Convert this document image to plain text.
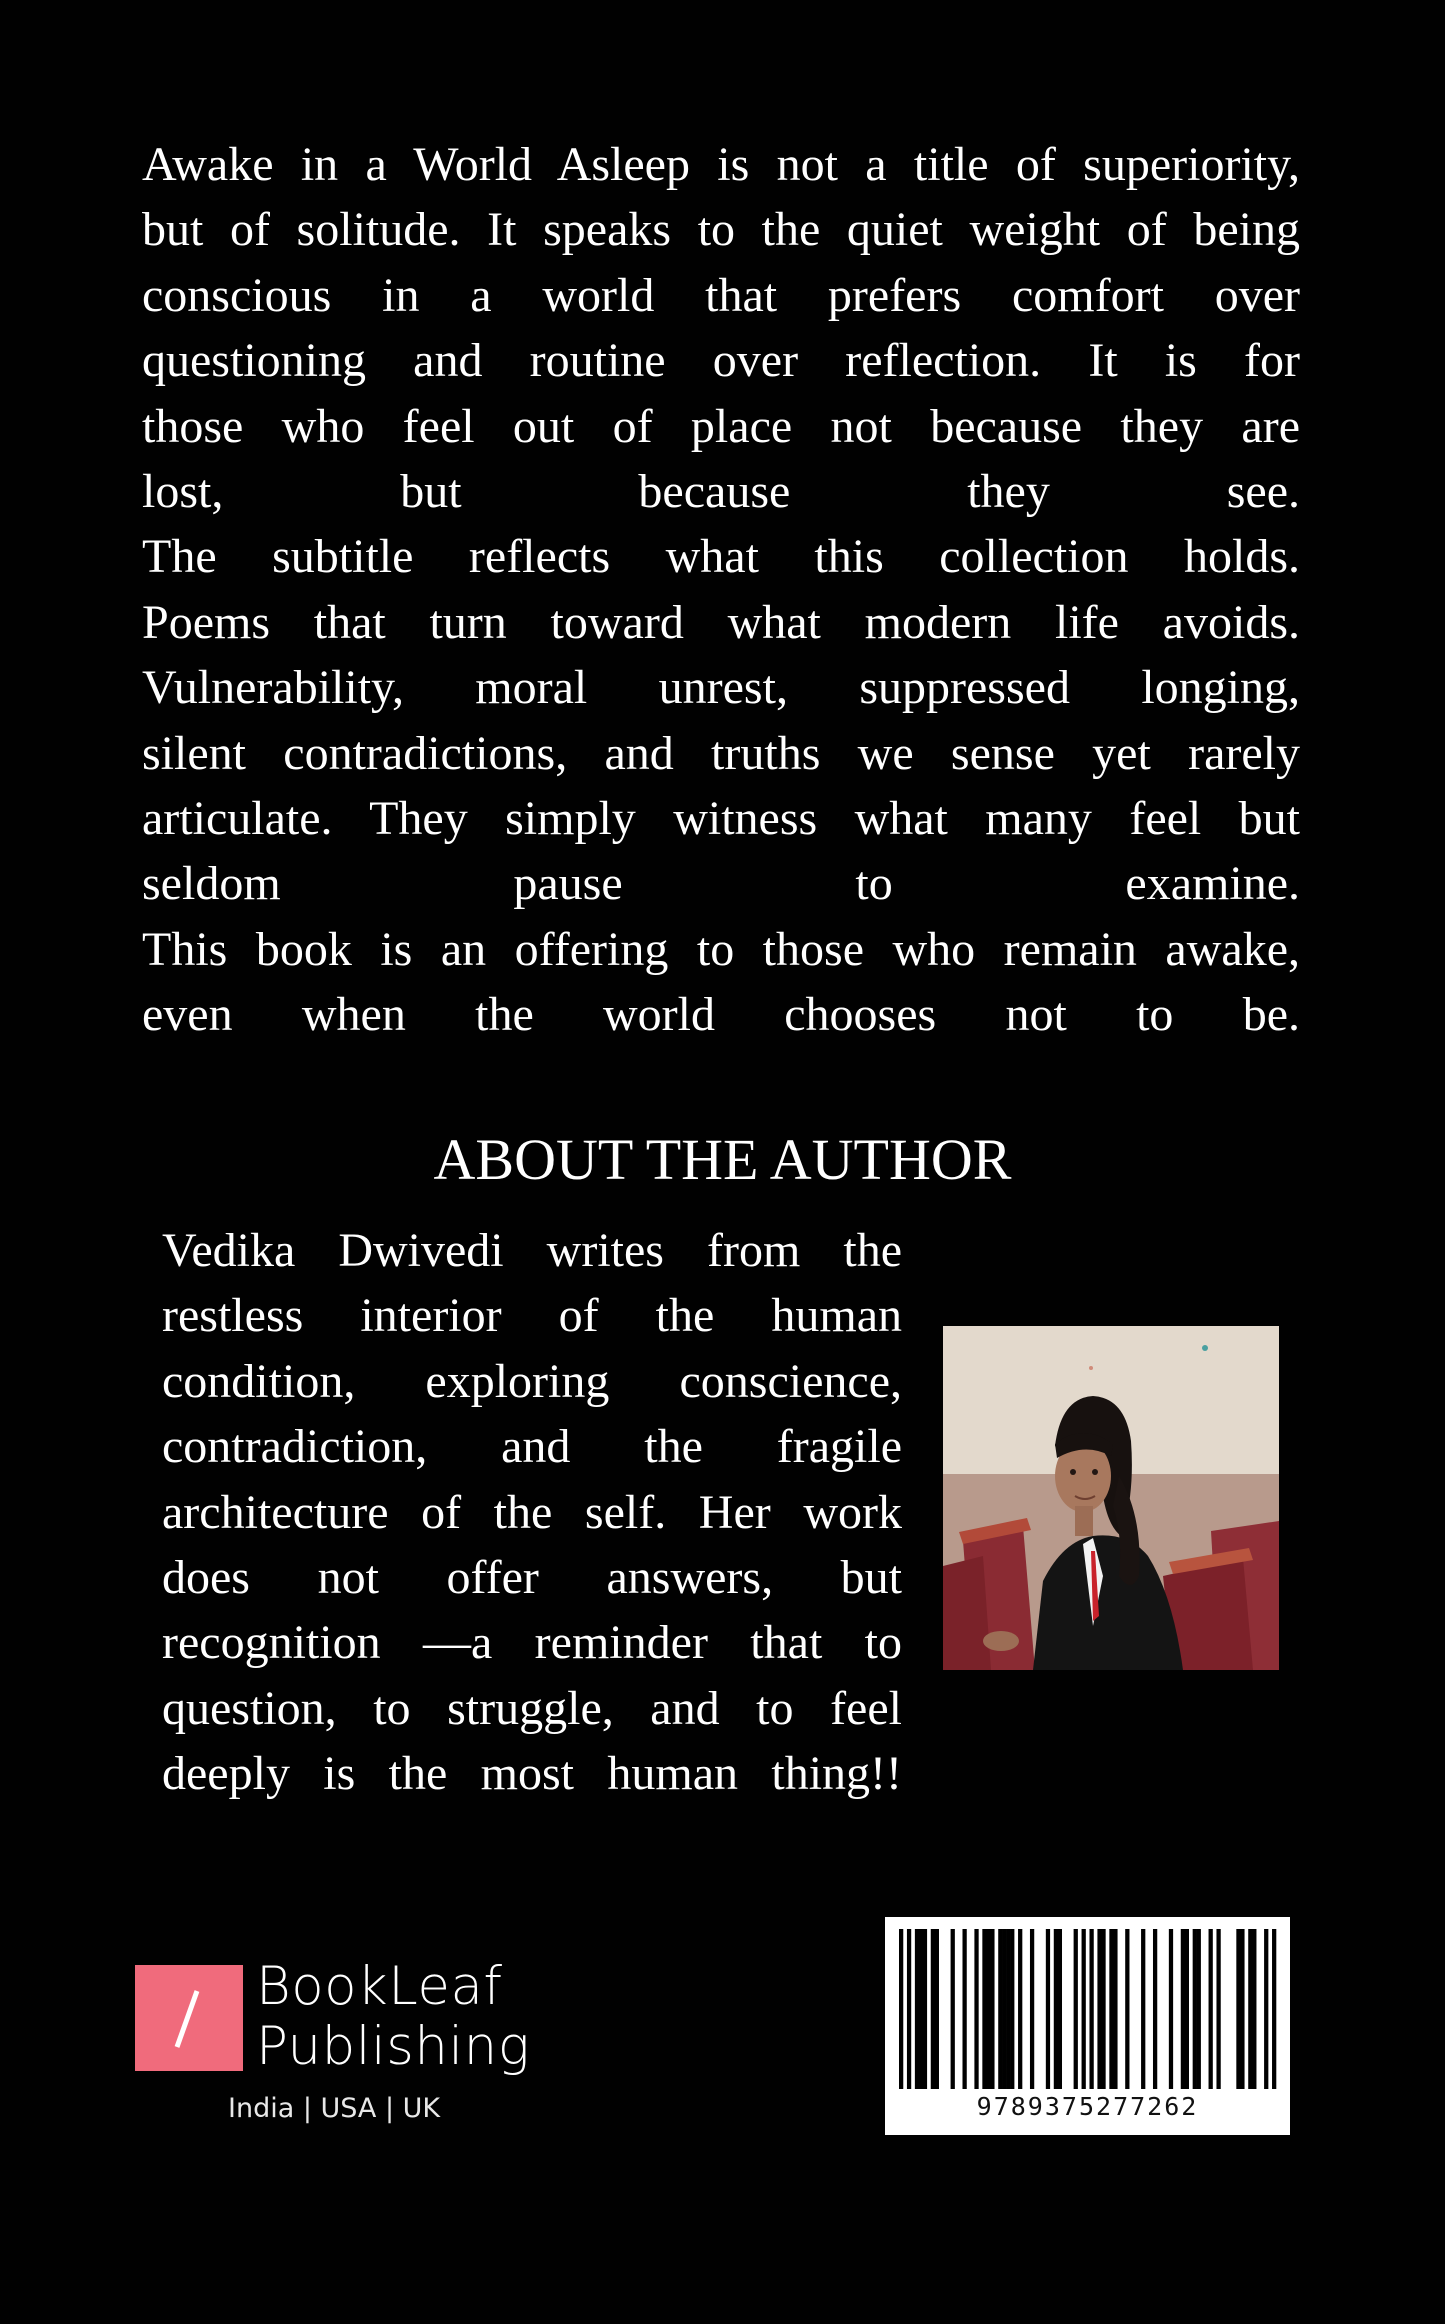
Awake in a World Asleep is not a title of superiority,
but of solitude. It speaks to the quiet weight of being
conscious in a world that prefers comfort over
questioning and routine over reflection. It is for
those who feel out of place not because they are
lost, but because they see.
The subtitle reflects what this collection holds.
Poems that turn toward what modern life avoids.
Vulnerability, moral unrest, suppressed longing,
silent contradictions, and truths we sense yet rarely
articulate. They simply witness what many feel but
seldom pause to examine.
This book is an offering to those who remain awake,
even when the world chooses not to be.
ABOUT THE AUTHOR
Vedika Dwivedi writes from the
restless interior of the human
condition, exploring conscience,
contradiction, and the fragile
architecture of the self. Her work
does not offer answers, but
recognition —a reminder that to
question, to struggle, and to feel
deeply is the most human thing!!
BookLeaf
Publishing
India | USA | UK	9789375277262
